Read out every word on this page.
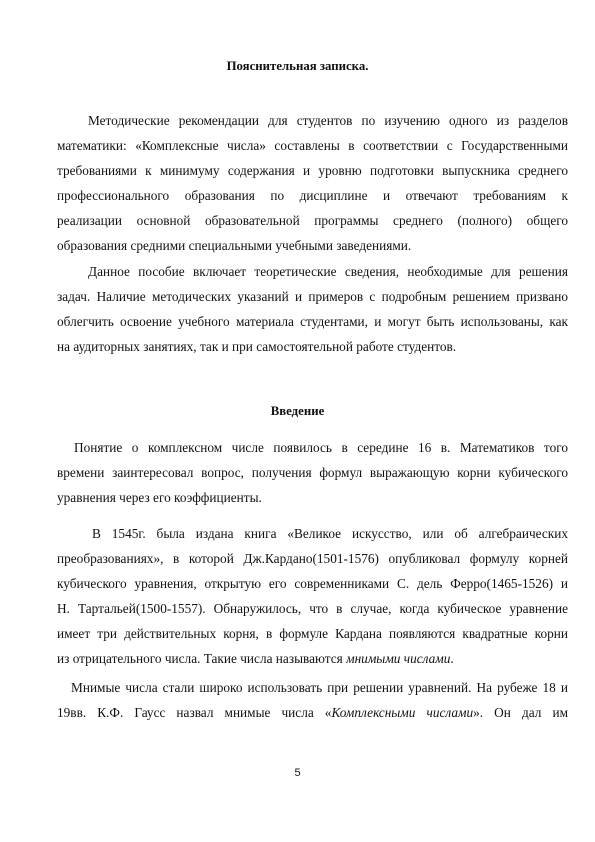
Пояснительная записка.
Методические рекомендации для студентов по изучению одного из разделов
математики: «Комплексные числа» составлены в соответствии с Государственными
требованиями к минимуму содержания и уровню подготовки выпускника среднего
профессионального образования по дисциплине и отвечают требованиям к
реализации основной образовательной программы среднего (полного) общего
образования средними специальными учебными заведениями.
Данное пособие включает теоретические сведения, необходимые для решения
задач. Наличие методических указаний и примеров с подробным решением призвано
облегчить освоение учебного материала студентами, и могут быть использованы, как
на аудиторных занятиях, так и при самостоятельной работе студентов.
Введение
Понятие о комплексном числе появилось в середине 16 в. Математиков того
времени заинтересовал вопрос, получения формул выражающую корни кубического
уравнения через его коэффициенты.
В 1545г. была издана книга «Великое искусство, или об алгебраических
преобразованиях», в которой Дж.Кардано(1501-1576) опубликовал формулу корней
кубического уравнения, открытую его современниками С. дель Ферро(1465-1526) и
Н. Тартальей(1500-1557). Обнаружилось, что в случае, когда кубическое уравнение
имеет три действительных корня, в формуле Кардана появляются квадратные корни
из отрицательного числа. Такие числа называются мнимыми числами.
Мнимые числа стали широко использовать при решении уравнений. На рубеже 18 и
19вв. К.Ф. Гаусс назвал мнимые числа «Комплексными числами». Он дал им
5
